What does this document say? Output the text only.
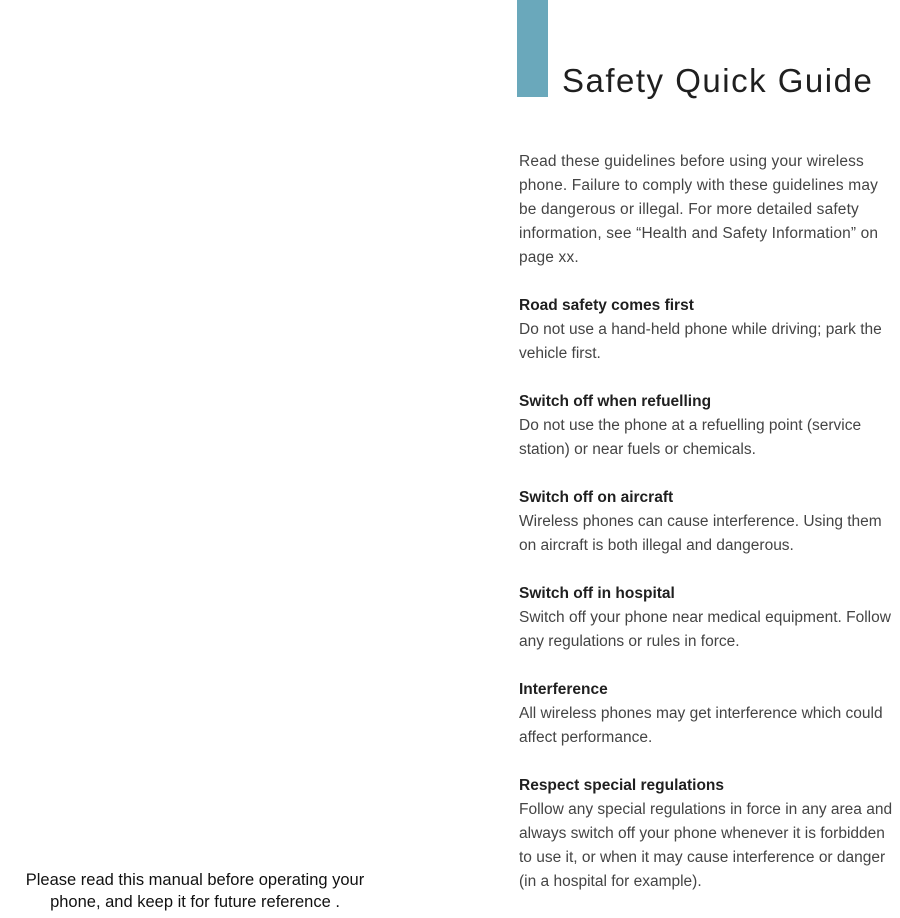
Safety Quick Guide

Read these guidelines before using your wireless phone. Failure to comply with these guidelines may be dangerous or illegal. For more detailed safety information, see “Health and Safety Information” on page xx.

Road safety comes first

Do not use a hand-held phone while driving; park the vehicle first.

Switch off when refuelling

Do not use the phone at a refuelling point (service station) or near fuels or chemicals.

Switch off on aircraft

Wireless phones can cause interference. Using them on aircraft is both illegal and dangerous.

Switch off in hospital

Switch off your phone near medical equipment. Follow any regulations or rules in force.

Interference

All wireless phones may get interference which could affect performance.

Respect special regulations

Follow any special regulations in force in any area and always switch off your phone whenever it is forbidden to use it, or when it may cause interference or danger (in a hospital for example).

Please read this manual before operating your phone, and keep it for future reference .
